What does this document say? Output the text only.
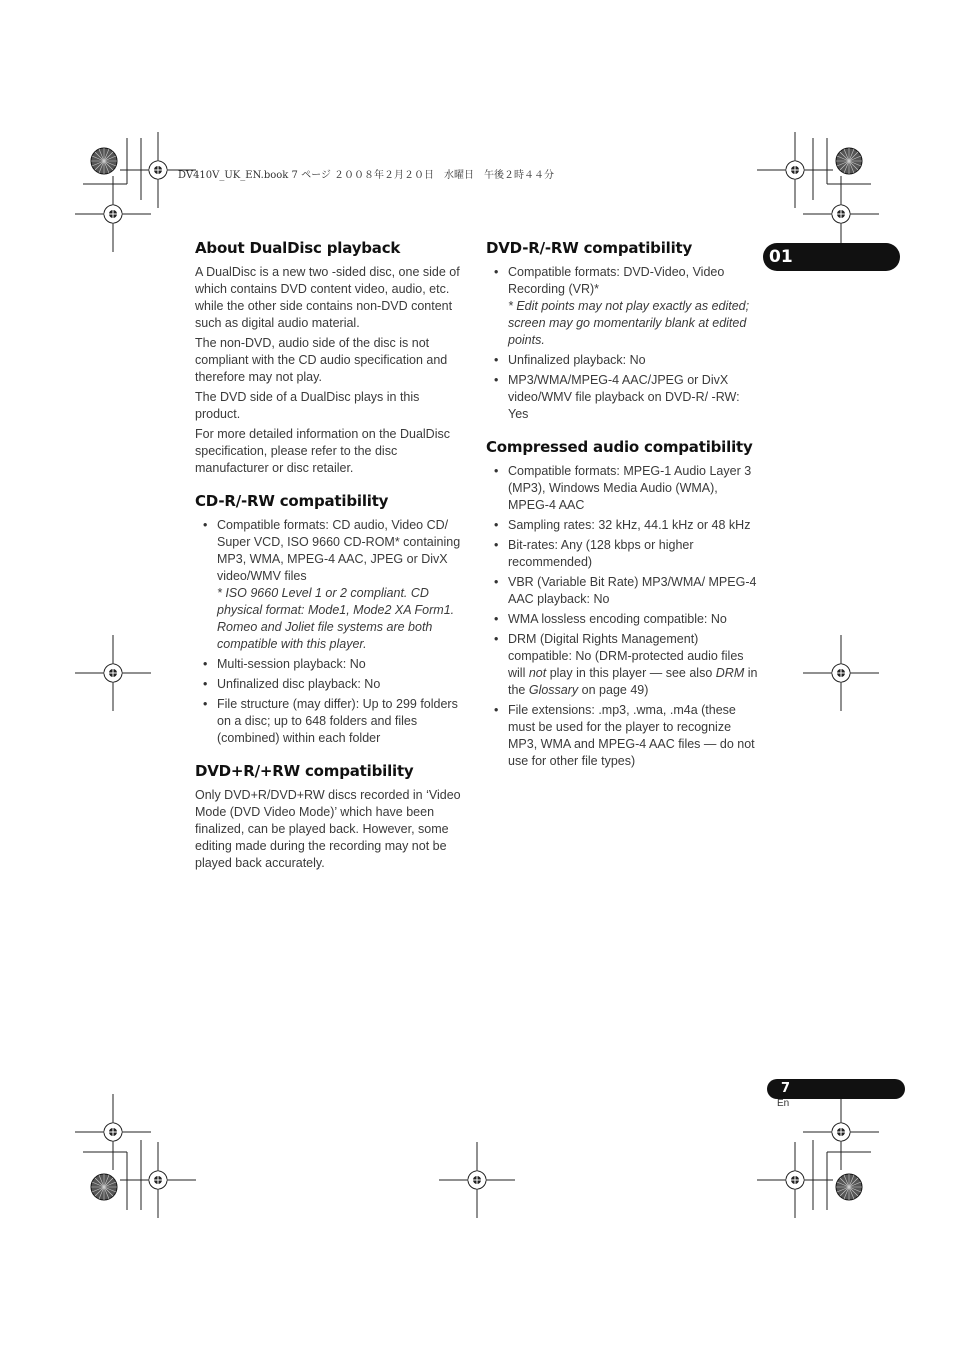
DV410V_UK_EN.book 7 ページ ２００８年２月２０日　水曜日　午後２時４４分
01
About DualDisc playback

A DualDisc is a new two -sided disc, one side of which contains DVD content video, audio, etc. while the other side contains non-DVD content such as digital audio material.

The non-DVD, audio side of the disc is not compliant with the CD audio specification and therefore may not play.

The DVD side of a DualDisc plays in this product.

For more detailed information on the DualDisc specification, please refer to the disc manufacturer or disc retailer.

CD-R/-RW compatibility
• Compatible formats: CD audio, Video CD/ Super VCD, ISO 9660 CD-ROM* containing MP3, WMA, MPEG-4 AAC, JPEG or DivX video/WMV files
* ISO 9660 Level 1 or 2 compliant. CD physical format: Mode1, Mode2 XA Form1. Romeo and Joliet file systems are both compatible with this player.
• Multi-session playback: No
• Unfinalized disc playback: No
• File structure (may differ): Up to 299 folders on a disc; up to 648 folders and files (combined) within each folder
DVD+R/+RW compatibility

Only DVD+R/DVD+RW discs recorded in ‘Video Mode (DVD Video Mode)’ which have been finalized, can be played back. However, some editing made during the recording may not be played back accurately.

DVD-R/-RW compatibility
• Compatible formats: DVD-Video, Video Recording (VR)*
* Edit points may not play exactly as edited; screen may go momentarily blank at edited points.
• Unfinalized playback: No
• MP3/WMA/MPEG-4 AAC/JPEG or DivX video/WMV file playback on DVD-R/ -RW: Yes
Compressed audio compatibility
• Compatible formats: MPEG-1 Audio Layer 3 (MP3), Windows Media Audio (WMA), MPEG-4 AAC
• Sampling rates: 32 kHz, 44.1 kHz or 48 kHz
• Bit-rates: Any (128 kbps or higher recommended)
• VBR (Variable Bit Rate) MP3/WMA/ MPEG-4 AAC playback: No
• WMA lossless encoding compatible: No
• DRM (Digital Rights Management) compatible: No (DRM-protected audio files will not play in this player — see also DRM in the Glossary on page 49)
• File extensions: .mp3, .wma, .m4a (these must be used for the player to recognize MP3, WMA and MPEG-4 AAC files — do not use for other file types)
7
En
